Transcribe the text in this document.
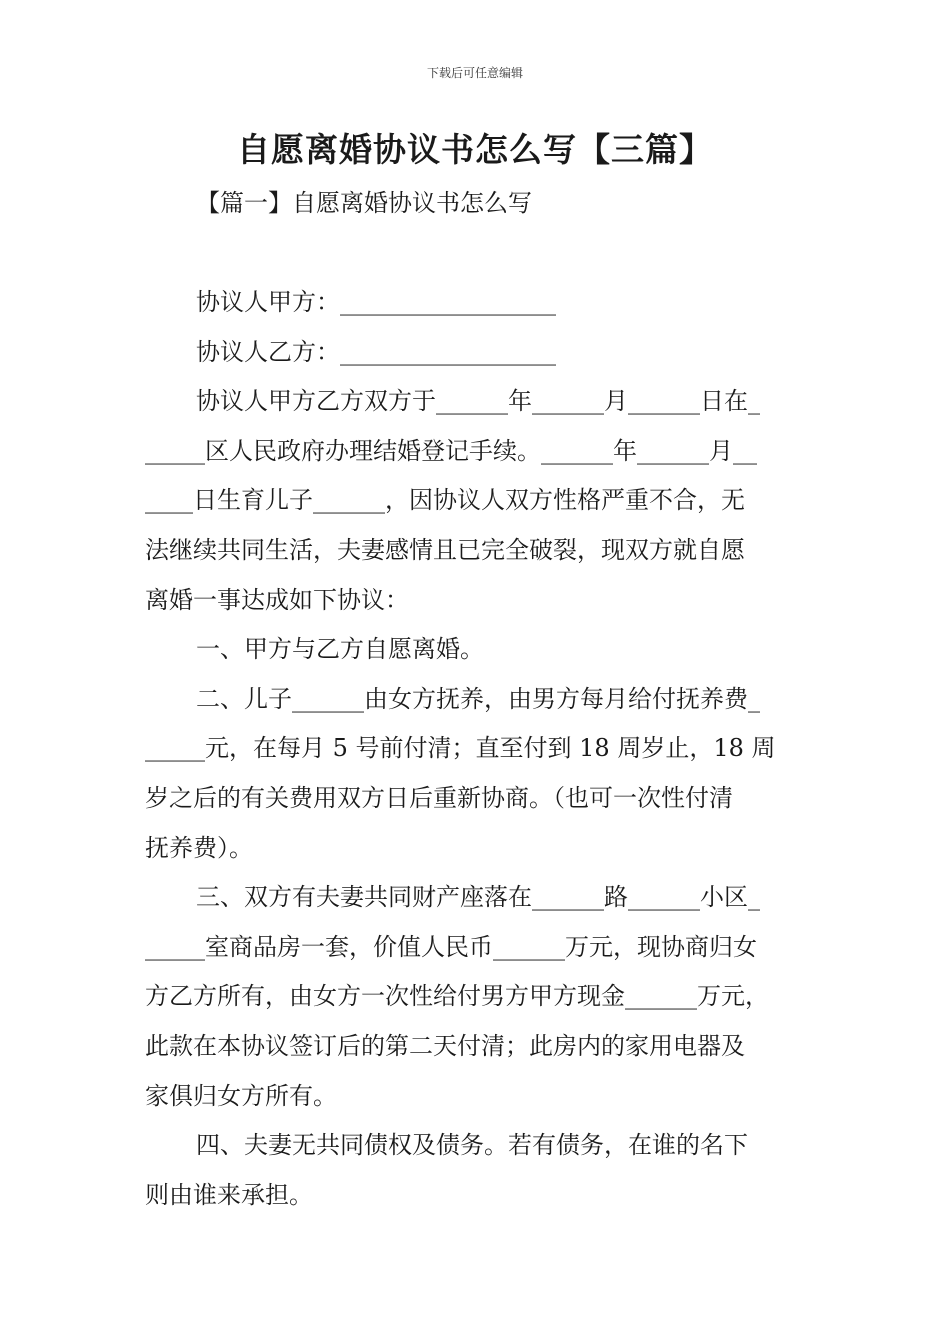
下载后可任意编辑
自愿离婚协议书怎么写【三篇】
【篇一】自愿离婚协议书怎么写
协议人甲方：__________________
协议人乙方：__________________
协议人甲方乙方双方于______年______月______日在_
_____区人民政府办理结婚登记手续。______年______月__
____日生育儿子______，因协议人双方性格严重不合，无
法继续共同生活，夫妻感情且已完全破裂，现双方就自愿
离婚一事达成如下协议：
一、甲方与乙方自愿离婚。
二、儿子______由女方抚养，由男方每月给付抚养费_
_____元，在每月 5 号前付清；直至付到 18 周岁止，18 周
岁之后的有关费用双方日后重新协商。（也可一次性付清
抚养费）。
三、双方有夫妻共同财产座落在______路______小区_
_____室商品房一套，价值人民币______万元，现协商归女
方乙方所有，由女方一次性给付男方甲方现金______万元，
此款在本协议签订后的第二天付清；此房内的家用电器及
家俱归女方所有。
四、夫妻无共同债权及债务。若有债务，在谁的名下
则由谁来承担。
